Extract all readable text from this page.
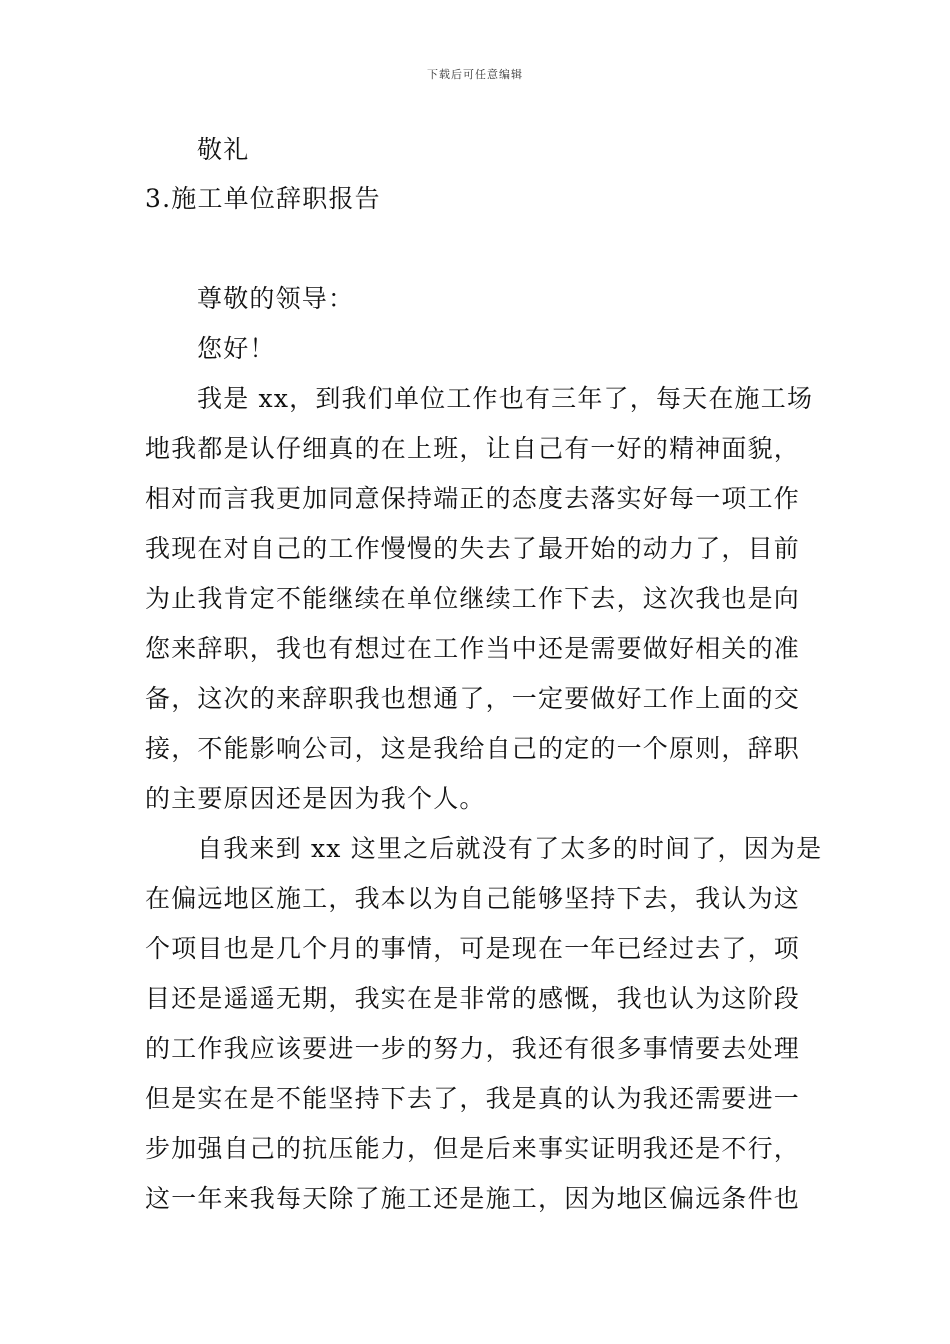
下载后可任意编辑
敬礼
3.施工单位辞职报告
尊敬的领导：
您好！
我是 xx，到我们单位工作也有三年了，每天在施工场
地我都是认仔细真的在上班，让自己有一好的精神面貌，
相对而言我更加同意保持端正的态度去落实好每一项工作
我现在对自己的工作慢慢的失去了最开始的动力了，目前
为止我肯定不能继续在单位继续工作下去，这次我也是向
您来辞职，我也有想过在工作当中还是需要做好相关的准
备，这次的来辞职我也想通了，一定要做好工作上面的交
接，不能影响公司，这是我给自己的定的一个原则，辞职
的主要原因还是因为我个人。
自我来到 xx 这里之后就没有了太多的时间了，因为是
在偏远地区施工，我本以为自己能够坚持下去，我认为这
个项目也是几个月的事情，可是现在一年已经过去了，项
目还是遥遥无期，我实在是非常的感慨，我也认为这阶段
的工作我应该要进一步的努力，我还有很多事情要去处理
但是实在是不能坚持下去了，我是真的认为我还需要进一
步加强自己的抗压能力，但是后来事实证明我还是不行，
这一年来我每天除了施工还是施工，因为地区偏远条件也
